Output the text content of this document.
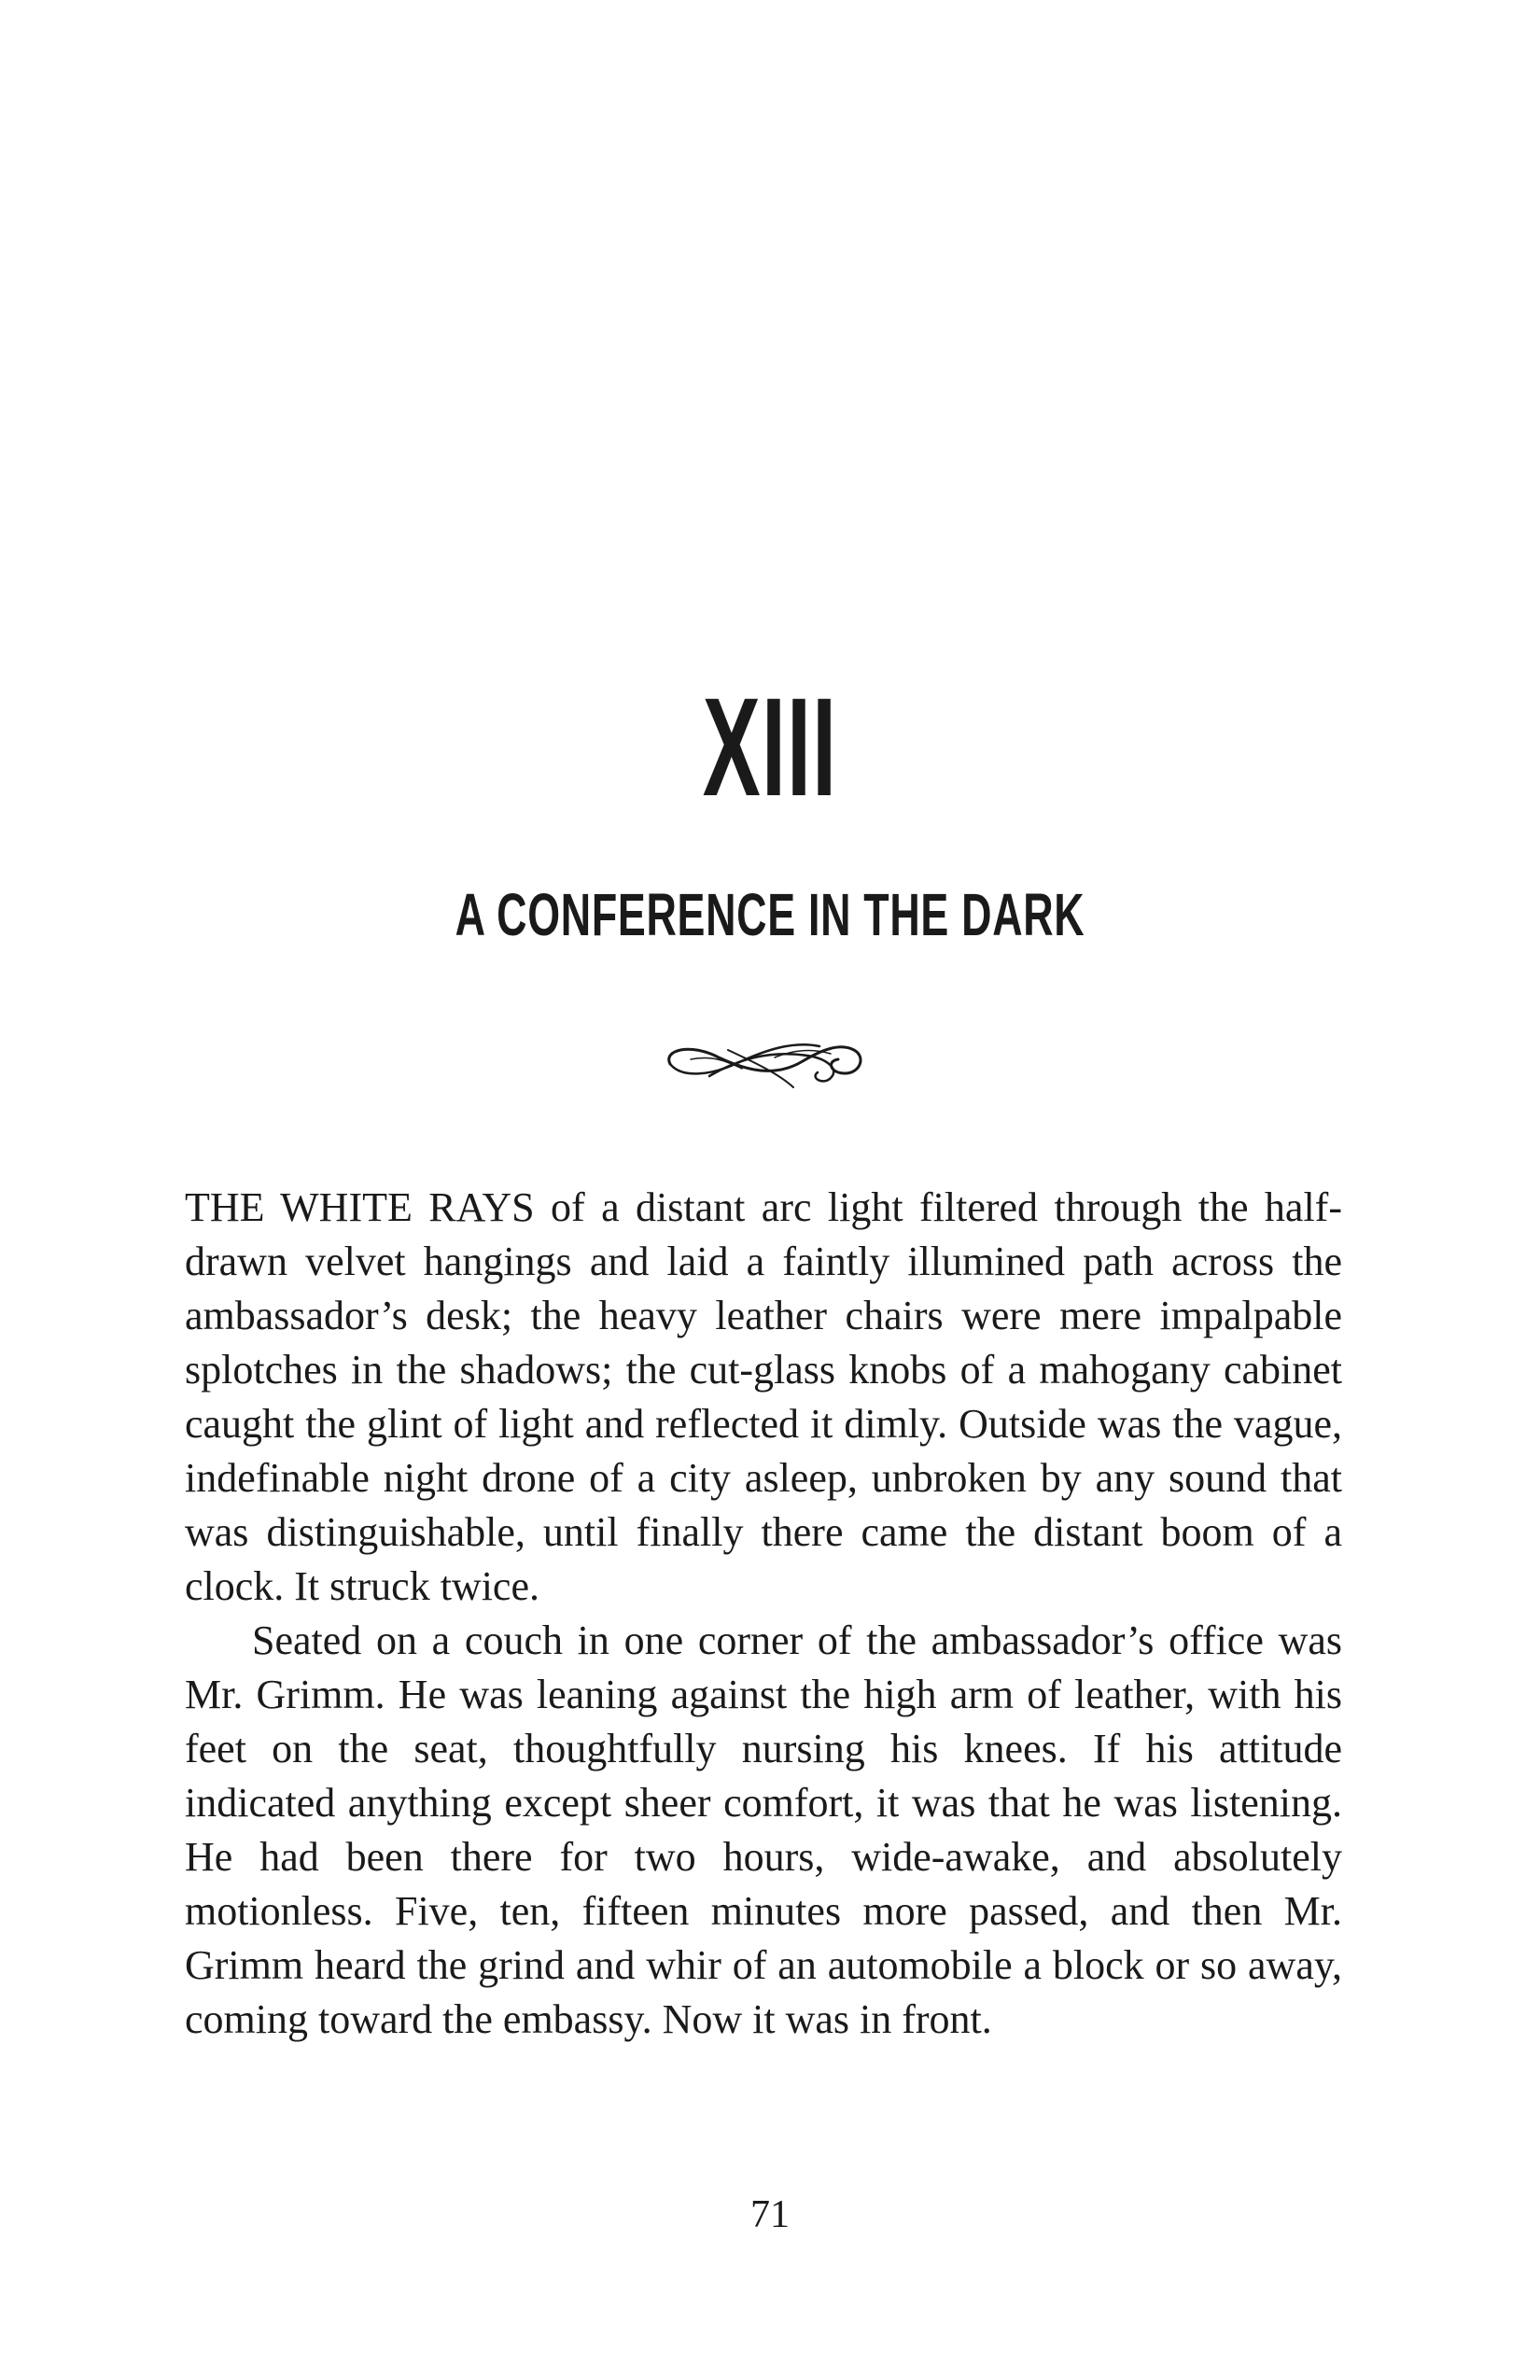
XIII
A CONFERENCE IN THE DARK

THE WHITE RAYS of a distant arc light filtered through the half-drawn velvet hangings and laid a faintly illumined path across the ambassador’s desk; the heavy leather chairs were mere impalpable splotches in the shadows; the cut-glass knobs of a mahogany cabinet caught the glint of light and reflected it dimly. Outside was the vague, indefinable night drone of a city asleep, unbroken by any sound that was distinguishable, until finally there came the distant boom of a clock. It struck twice.

Seated on a couch in one corner of the ambassador’s office was Mr. Grimm. He was leaning against the high arm of leather, with his feet on the seat, thoughtfully nursing his knees. If his attitude indicated anything except sheer comfort, it was that he was listening. He had been there for two hours, wide-awake, and absolutely motionless. Five, ten, fifteen minutes more passed, and then Mr. Grimm heard the grind and whir of an automobile a block or so away, coming toward the embassy. Now it was in front.

71
